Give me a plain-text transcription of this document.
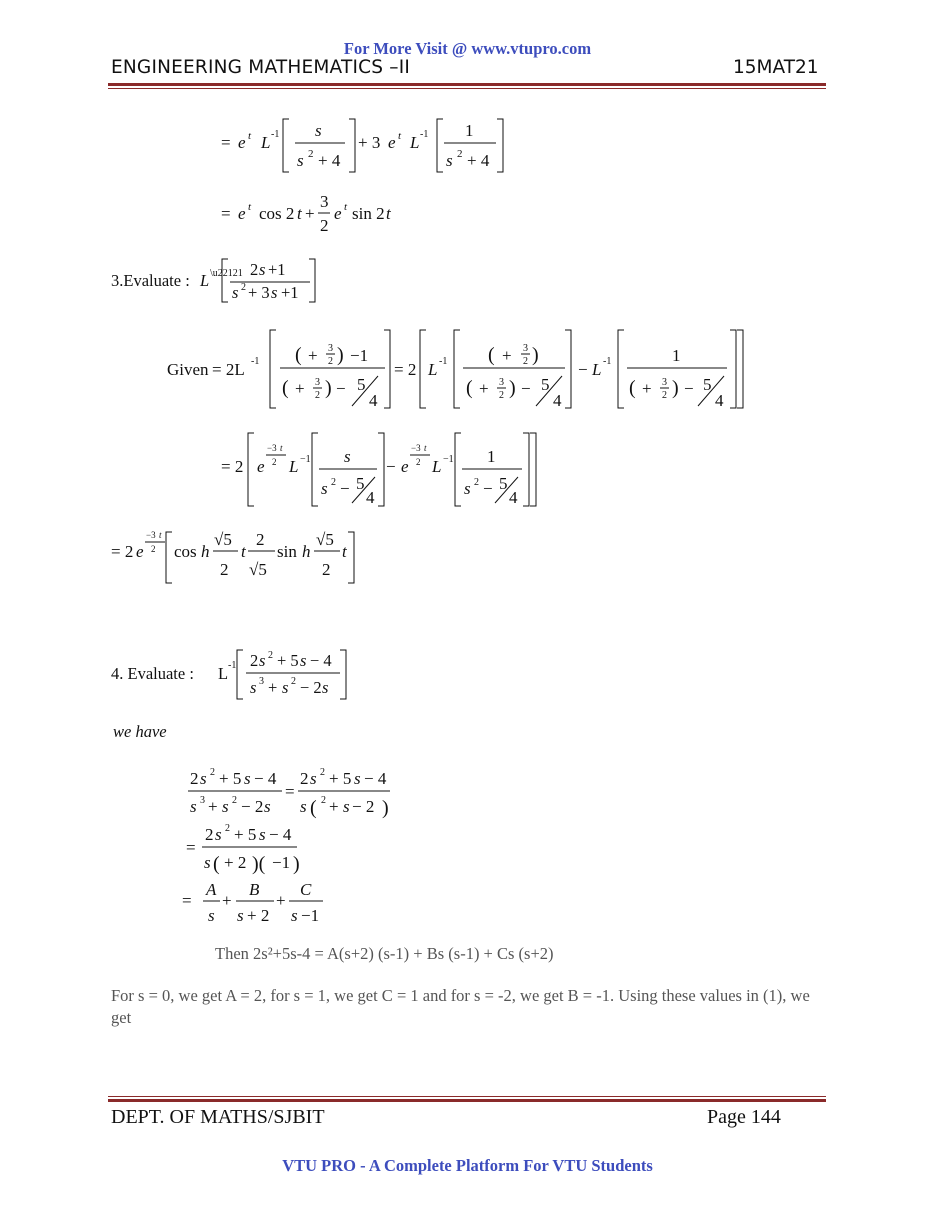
For More Visit @ www.vtupro.com
ENGINEERING MATHEMATICS –II	15MAT21
= e t L -1 s
s 2 + 4
+ 3 e t L -1 1
s 2 + 4
= e t cos 2 t +
3
2
e t sin 2 t
3.Evaluate : L \u22121 2 s +1
s 2 + 3 s +1
Given = 2L -1 ( + 3
2 ) −1
( + 3
2 ) − 5
4
= 2 L -1 ( + 3
2 )
( + 3
2 ) − 5
4
− L -1	1
( + 3
2 ) − 5
4
= 2 e
−3 t
2 L −1 s
s 2 − 5
4
− e
−3 t
2 L −1 1
s 2 − 5
4
= 2 e
−3 t
2 cos h
√5
2
t
2
√5
sin h
√5
2
t
4. Evaluate : L -1 2 s 2 + 5 s − 4
s 3 + s 2 − 2 s
2 s 2 + 5 s − 4
s 3 + s 2 − 2 s
=
2 s 2 + 5 s − 4
s ( 2 + s − 2 )
=
2 s 2 + 5 s − 4
s ( + 2 )( −1 )
=
A
s
+
B
s + 2
+
C
s −1
we have
Then 2s²+5s-4 = A(s+2) (s-1) + Bs (s-1) + Cs (s+2)
For s = 0, we get A = 2, for s = 1, we get C = 1 and for s = -2, we get B = -1. Using these values in (1), we get
DEPT. OF MATHS/SJBIT	Page 144
VTU PRO - A Complete Platform For VTU Students
